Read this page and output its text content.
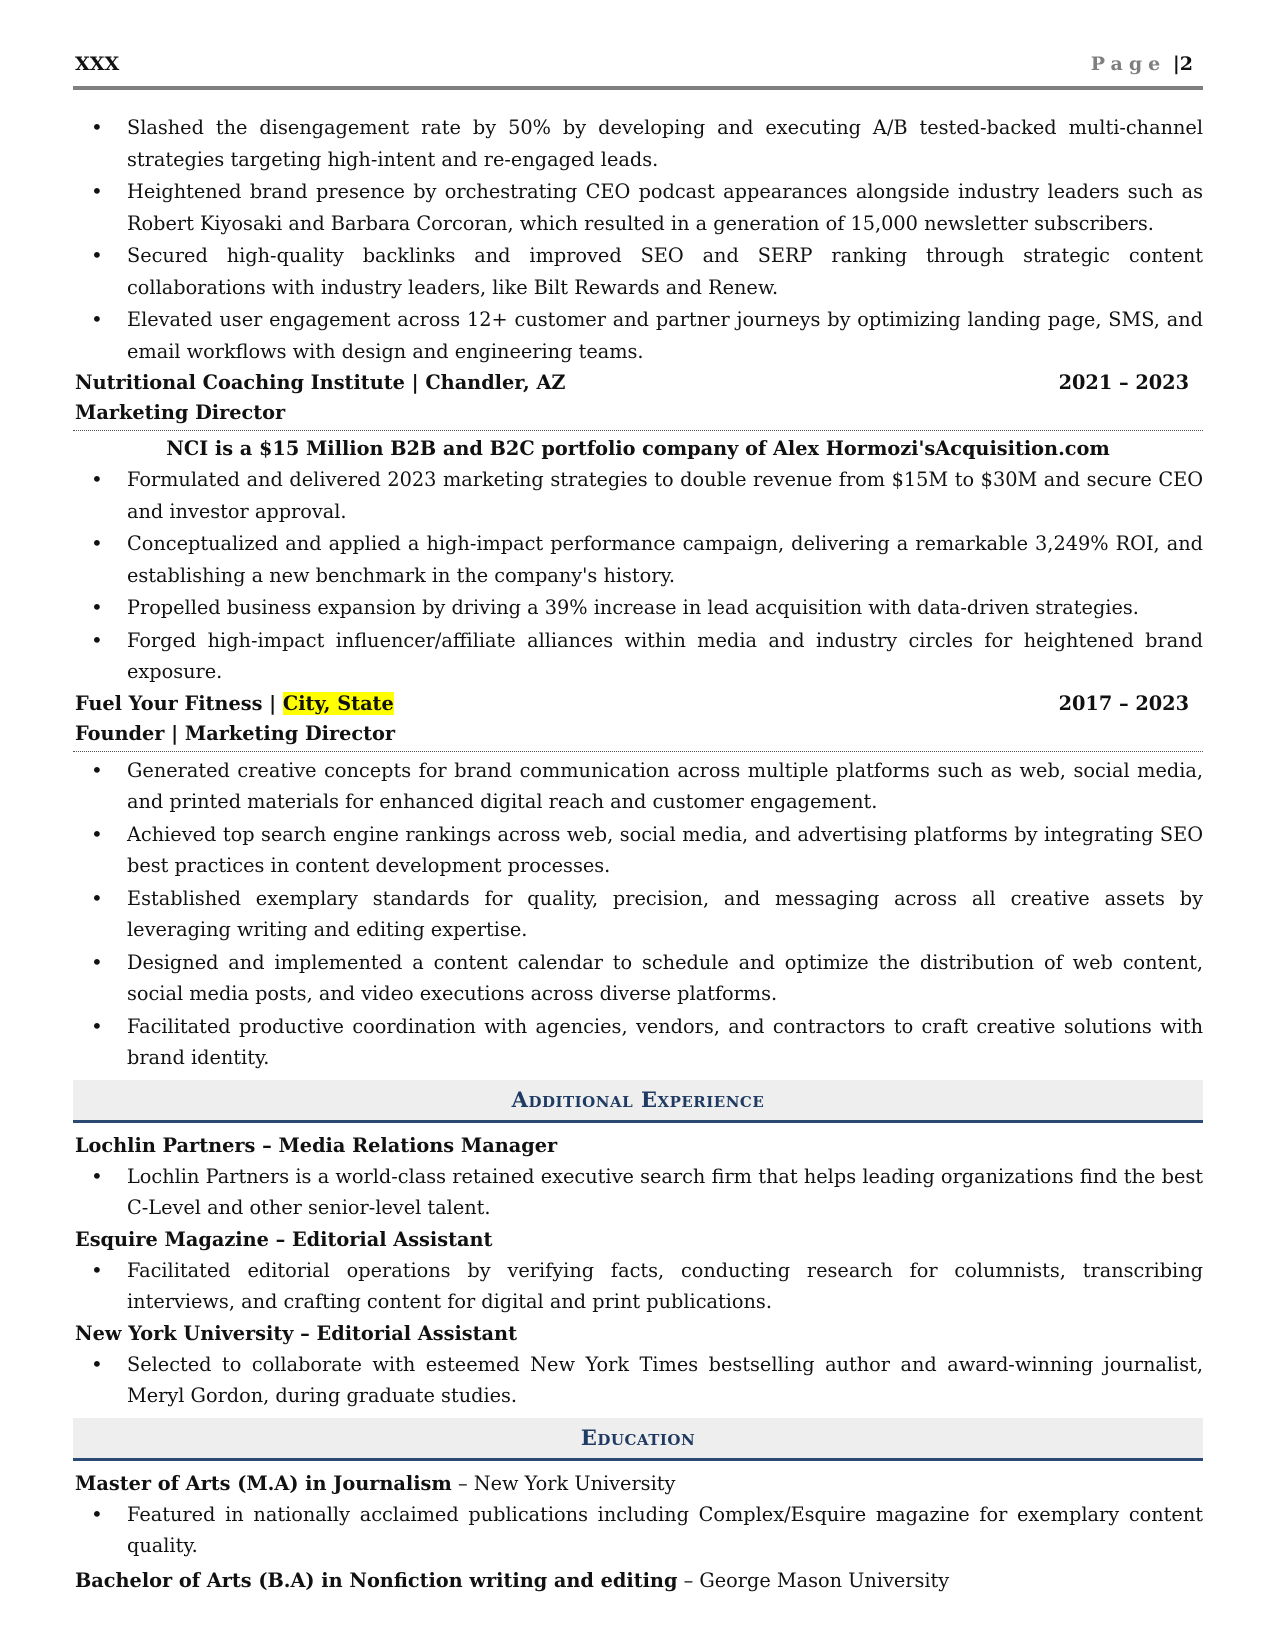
XXX	Page |2
• Slashed the disengagement rate by 50% by developing and executing A/B tested-backed multi-channel strategies targeting high-intent and re-engaged leads.
• Heightened brand presence by orchestrating CEO podcast appearances alongside industry leaders such as Robert Kiyosaki and Barbara Corcoran, which resulted in a generation of 15,000 newsletter subscribers.
• Secured high-quality backlinks and improved SEO and SERP ranking through strategic content collaborations with industry leaders, like Bilt Rewards and Renew.
• Elevated user engagement across 12+ customer and partner journeys by optimizing landing page, SMS, and email workflows with design and engineering teams.
Nutritional Coaching Institute | Chandler, AZ	2021 – 2023
Marketing Director
NCI is a $15 Million B2B and B2C portfolio company of Alex Hormozi'sAcquisition.com
• Formulated and delivered 2023 marketing strategies to double revenue from $15M to $30M and secure CEO and investor approval.
• Conceptualized and applied a high-impact performance campaign, delivering a remarkable 3,249% ROI, and establishing a new benchmark in the company's history.
• Propelled business expansion by driving a 39% increase in lead acquisition with data-driven strategies.
• Forged high-impact influencer/affiliate alliances within media and industry circles for heightened brand exposure.
Fuel Your Fitness | City, State	2017 – 2023
Founder | Marketing Director
• Generated creative concepts for brand communication across multiple platforms such as web, social media, and printed materials for enhanced digital reach and customer engagement.
• Achieved top search engine rankings across web, social media, and advertising platforms by integrating SEO best practices in content development processes.
• Established exemplary standards for quality, precision, and messaging across all creative assets by leveraging writing and editing expertise.
• Designed and implemented a content calendar to schedule and optimize the distribution of web content, social media posts, and video executions across diverse platforms.
• Facilitated productive coordination with agencies, vendors, and contractors to craft creative solutions with brand identity.
Additional Experience
Lochlin Partners – Media Relations Manager
• Lochlin Partners is a world-class retained executive search firm that helps leading organizations find the best C-Level and other senior-level talent.
Esquire Magazine – Editorial Assistant
• Facilitated editorial operations by verifying facts, conducting research for columnists, transcribing interviews, and crafting content for digital and print publications.
New York University – Editorial Assistant
• Selected to collaborate with esteemed New York Times bestselling author and award-winning journalist, Meryl Gordon, during graduate studies.
Education
Master of Arts (M.A) in Journalism – New York University
• Featured in nationally acclaimed publications including Complex/Esquire magazine for exemplary content quality.
Bachelor of Arts (B.A) in Nonfiction writing and editing – George Mason University
